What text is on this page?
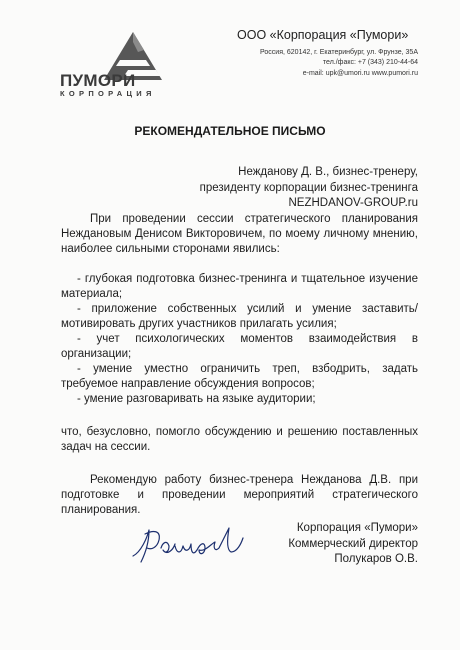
ПУМОРИ
КОРПОРАЦИЯ
ООО «Корпорация «Пумори»
Россия, 620142, г. Екатеринбург, ул. Фрунзе, 35А
тел./факс: +7 (343) 210-44-64
e-mail: upk@umori.ru www.pumori.ru
РЕКОМЕНДАТЕЛЬНОЕ ПИСЬМО
Нежданову Д. В., бизнес-тренеру,
президенту корпорации бизнес-тренинга
NEZHDANOV-GROUP.ru

При проведении сессии стратегического планирования Неждановым Денисом Викторовичем, по моему личному мнению, наиболее сильными сторонами явились:

- глубокая подготовка бизнес-тренинга и тщательное изучение материала;

- приложение собственных усилий и умение заставить/мотивировать других участников прилагать усилия;

- учет психологических моментов взаимодействия в организации;

- умение уместно ограничить треп, взбодрить, задать требуемое направление обсуждения вопросов;

- умение разговаривать на языке аудитории;

что, безусловно, помогло обсуждению и решению поставленных задач на сессии.

Рекомендую работу бизнес-тренера Нежданова Д.В. при подготовке и проведении мероприятий стратегического планирования.

Корпорация «Пумори»
Коммерческий директор
Полукаров О.В.
